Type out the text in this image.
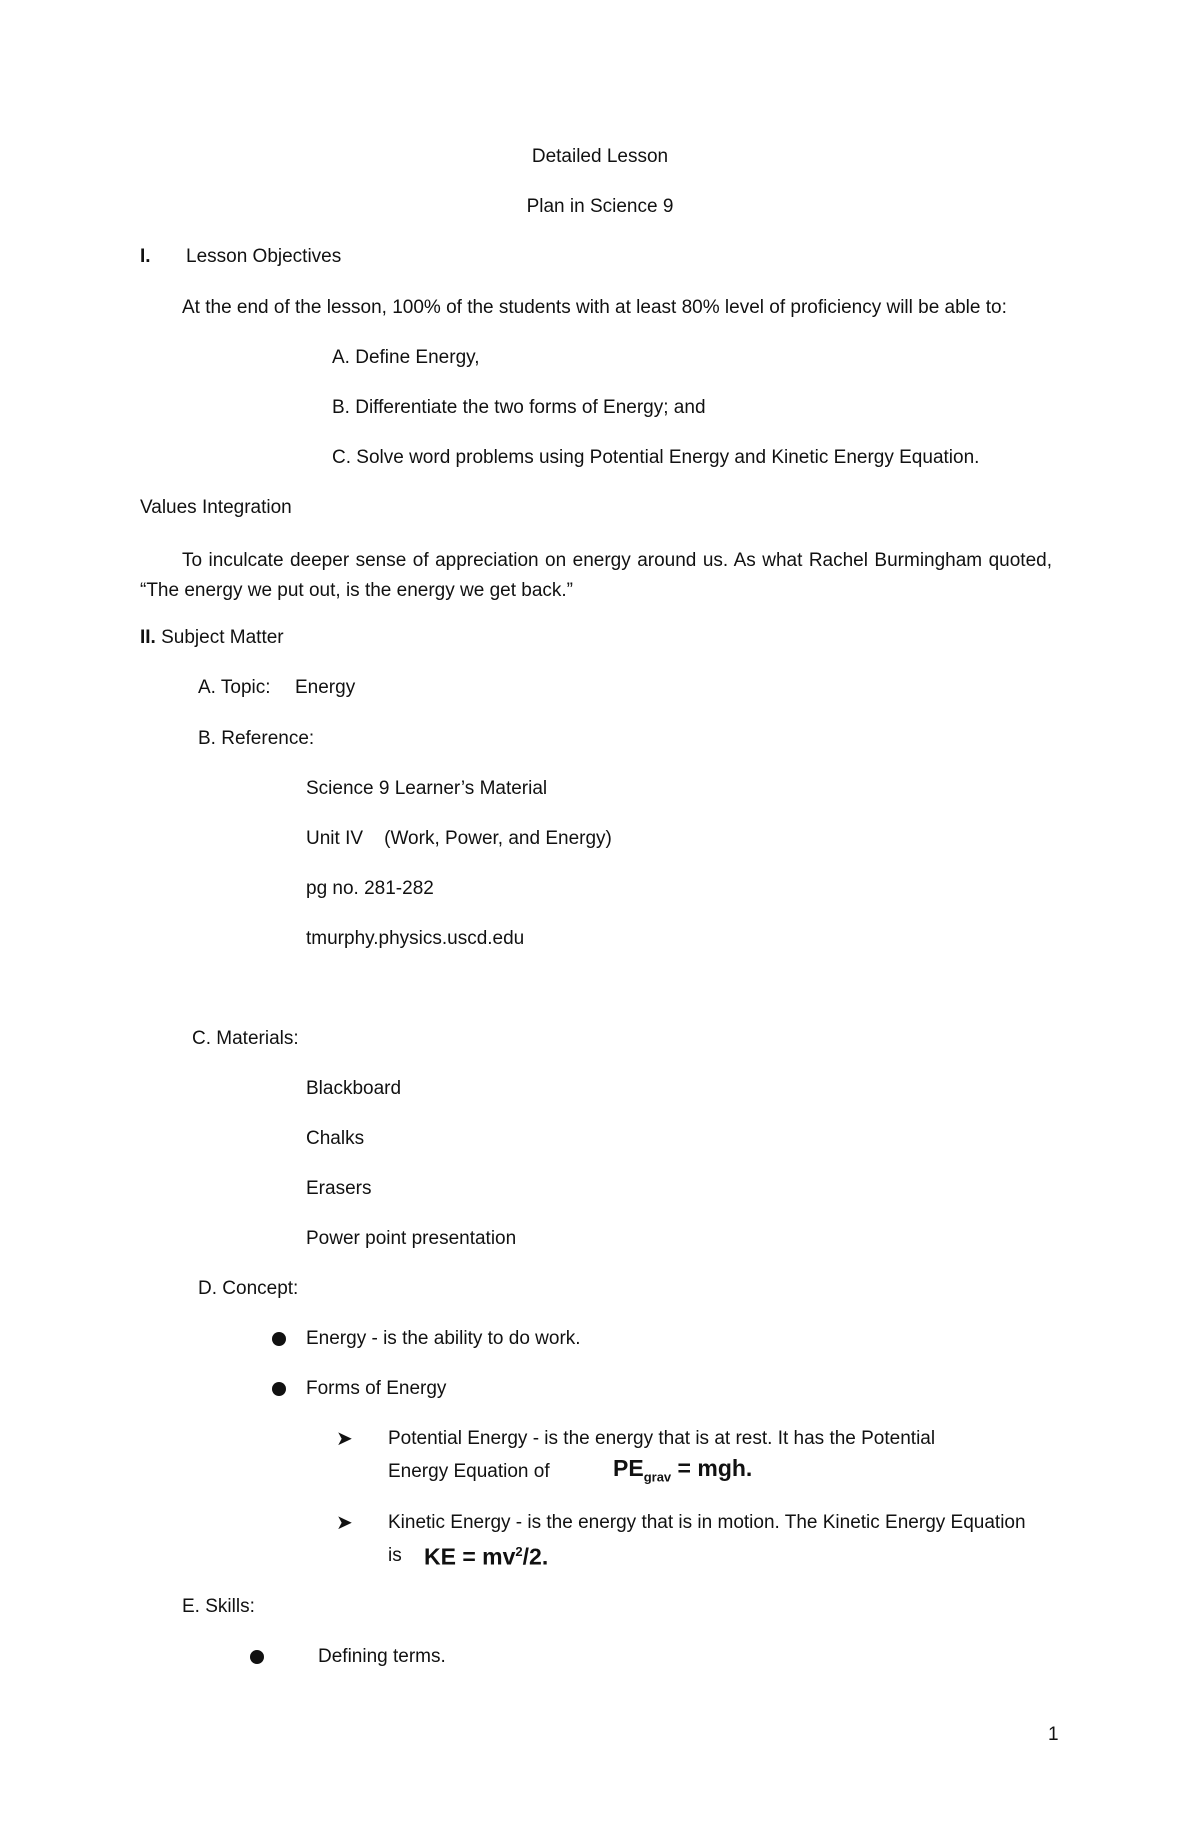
Detailed Lesson
Plan in Science 9
I. Lesson Objectives
At the end of the lesson, 100% of the students with at least 80% level of proficiency will be able to:
A. Define Energy,
B. Differentiate the two forms of Energy; and
C. Solve word problems using Potential Energy and Kinetic Energy Equation.
Values Integration
To inculcate deeper sense of appreciation on energy around us. As what Rachel Burmingham quoted, “The energy we put out, is the energy we get back.”
II. Subject Matter
A. Topic: Energy
B. Reference:
Science 9 Learner’s Material
Unit IV    (Work, Power, and Energy)
pg no. 281-282
tmurphy.physics.uscd.edu
C. Materials:
Blackboard
Chalks
Erasers
Power point presentation
D. Concept:
Energy - is the ability to do work.
Forms of Energy
➤ Potential Energy - is the energy that is at rest. It has the Potential
Energy Equation of	$PE_{grav}$ = mgh.
➤ Kinetic Energy - is the energy that is in motion. The Kinetic Energy Equation
is KE = $mv^2/2$.
E. Skills:
Defining terms.
1
